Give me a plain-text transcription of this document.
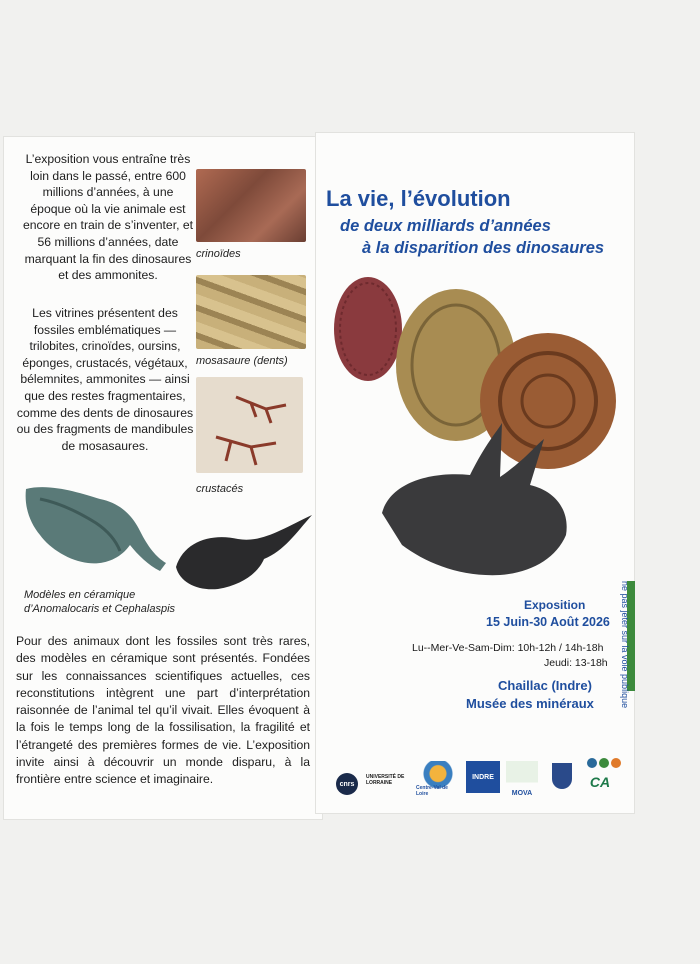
L’exposition vous entraîne très loin dans le passé, entre 600 millions d’années, à une époque où la vie animale est encore en train de s’inventer, et 56 millions d’années, date marquant la fin des dinosaures et des ammonites.
crinoïdes
mosasaure (dents)
crustacés
Les vitrines présentent des fossiles emblématiques — trilobites, crinoïdes, oursins, éponges, crustacés, végétaux, bélemnites, ammonites — ainsi que des restes fragmentaires, comme des dents de dinosaures ou des fragments de mandibules de mosasaures.
Modèles en céramique
d’Anomalocaris et Cephalaspis
Pour des animaux dont les fossiles sont très rares, des modèles en céramique sont présentés. Fondées sur les connaissances scientifiques actuelles, ces reconstitutions intègrent une part d’interprétation raisonnée de l’animal tel qu’il vivait. Elles évoquent à la fois le temps long de la fossilisation, la fragilité et l’étrangeté des premières formes de vie. L’exposition invite ainsi à découvrir un monde disparu, à la frontière entre science et imaginaire.
La vie, l’évolution
de deux milliards d’années
à la disparition des dinosaures
Exposition
15 Juin-30 Août 2026
Lu--Mer-Ve-Sam-Dim: 10h-12h / 14h-18h
Jeudi: 13-18h
Chaillac (Indre)
Musée des minéraux	ne pas jeter sur la voie publique
cnrs
UNIVERSITÉ DE LORRAINE
Centre-Val de Loire
INDRE
MOVA
CA
